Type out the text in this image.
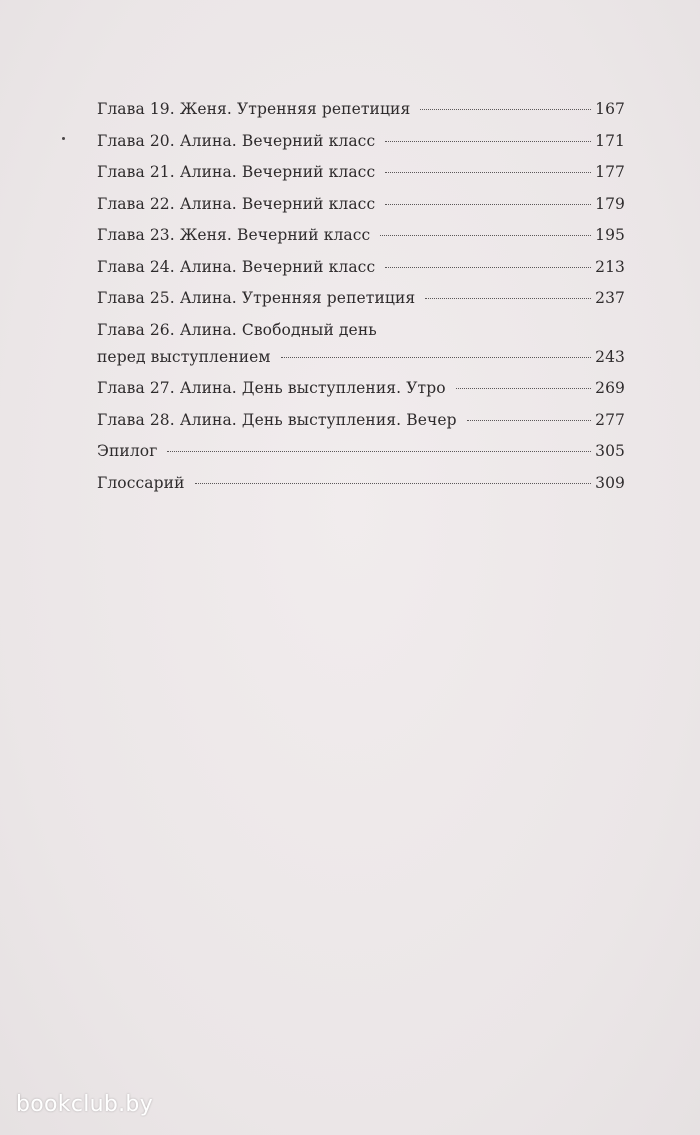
Глава 19. Женя. Утренняя репетиция	167
Глава 20. Алина. Вечерний класс	171
Глава 21. Алина. Вечерний класс	177
Глава 22. Алина. Вечерний класс	179
Глава 23. Женя. Вечерний класс	195
Глава 24. Алина. Вечерний класс	213
Глава 25. Алина. Утренняя репетиция	237
Глава 26. Алина. Свободный день
перед выступлением	243
Глава 27. Алина. День выступления. Утро	269
Глава 28. Алина. День выступления. Вечер	277
Эпилог	305
Глоссарий	309
bookclub.by
